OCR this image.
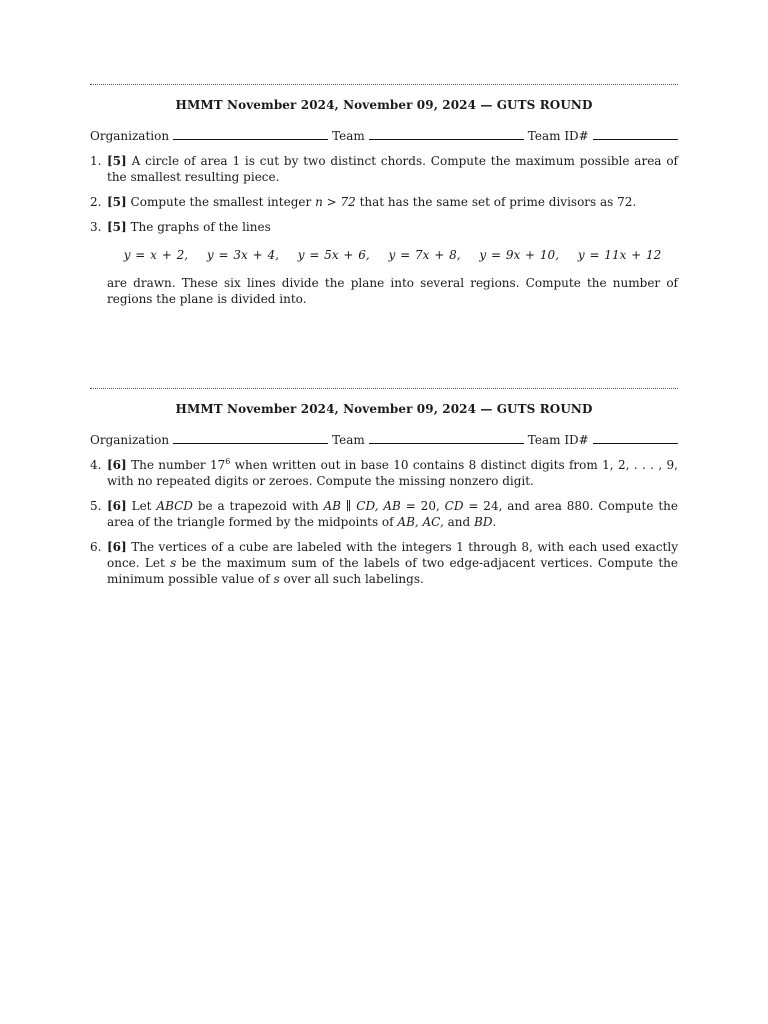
HMMT November 2024, November 09, 2024 — GUTS ROUND
Organization	Team	Team ID#
1. [5] A circle of area 1 is cut by two distinct chords. Compute the maximum possible area of the smallest resulting piece.
2. [5] Compute the smallest integer n > 72 that has the same set of prime divisors as 72.
3. [5] The graphs of the lines
y = x + 2, y = 3x + 4, y = 5x + 6, y = 7x + 8, y = 9x + 10, y = 11x + 12
are drawn. These six lines divide the plane into several regions. Compute the number of regions the plane is divided into.
HMMT November 2024, November 09, 2024 — GUTS ROUND
Organization	Team	Team ID#
4. [6] The number $17^6$ when written out in base 10 contains 8 distinct digits from 1, 2, . . . , 9, with no repeated digits or zeroes. Compute the missing nonzero digit.
5. [6] Let ABCD be a trapezoid with AB ∥ CD, AB = 20, CD = 24, and area 880. Compute the area of the triangle formed by the midpoints of AB, AC, and BD.
6. [6] The vertices of a cube are labeled with the integers 1 through 8, with each used exactly once. Let s be the maximum sum of the labels of two edge-adjacent vertices. Compute the minimum possible value of s over all such labelings.
